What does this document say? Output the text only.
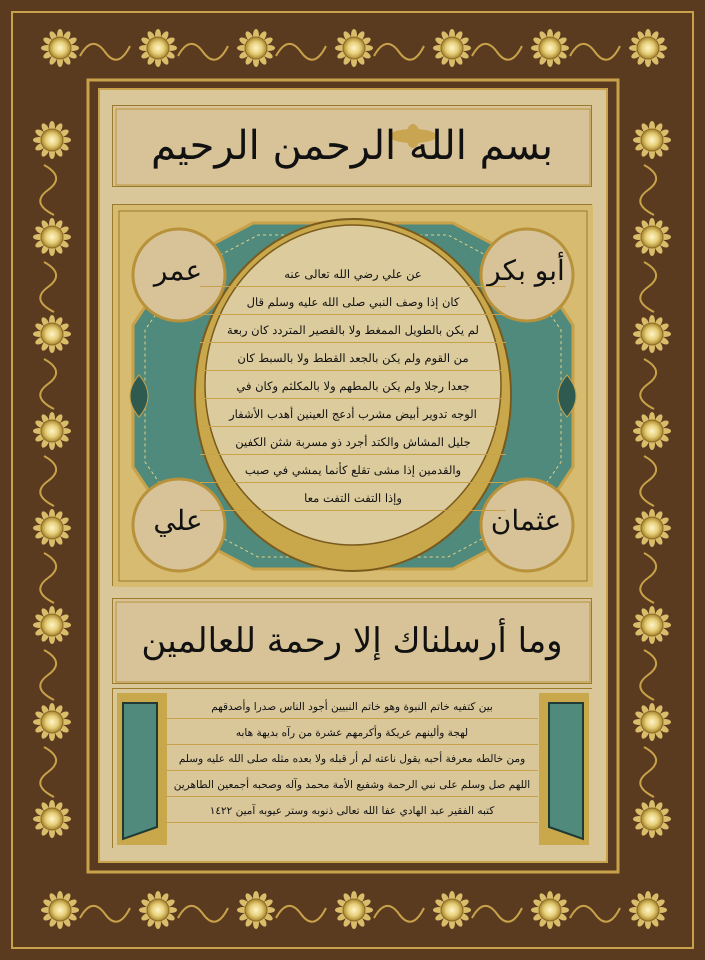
بسم الله الرحمن الرحيم
عمر	أبو بكر
علي	عثمان
عن علي رضي الله تعالى عنه
كان إذا وصف النبي صلى الله عليه وسلم قال
لم يكن بالطويل الممغط ولا بالقصير المتردد كان ربعة
من القوم ولم يكن بالجعد القطط ولا بالسبط كان
جعدا رجلا ولم يكن بالمطهم ولا بالمكلثم وكان في
الوجه تدوير أبيض مشرب أدعج العينين أهدب الأشفار
جليل المشاش والكتد أجرد ذو مسربة شثن الكفين
والقدمين إذا مشى تقلع كأنما يمشي في صبب
وإذا التفت التفت معا
وما أرسلناك إلا رحمة للعالمين
بين كتفيه خاتم النبوة وهو خاتم النبيين أجود الناس صدرا وأصدقهم
لهجة وألينهم عريكة وأكرمهم عشرة من رآه بديهة هابه
ومن خالطه معرفة أحبه يقول ناعته لم أر قبله ولا بعده مثله صلى الله عليه وسلم
اللهم صل وسلم على نبي الرحمة وشفيع الأمة محمد وآله وصحبه أجمعين الطاهرين
كتبه الفقير عبد الهادي عفا الله تعالى ذنوبه وستر عيوبه آمين ١٤٢٢
